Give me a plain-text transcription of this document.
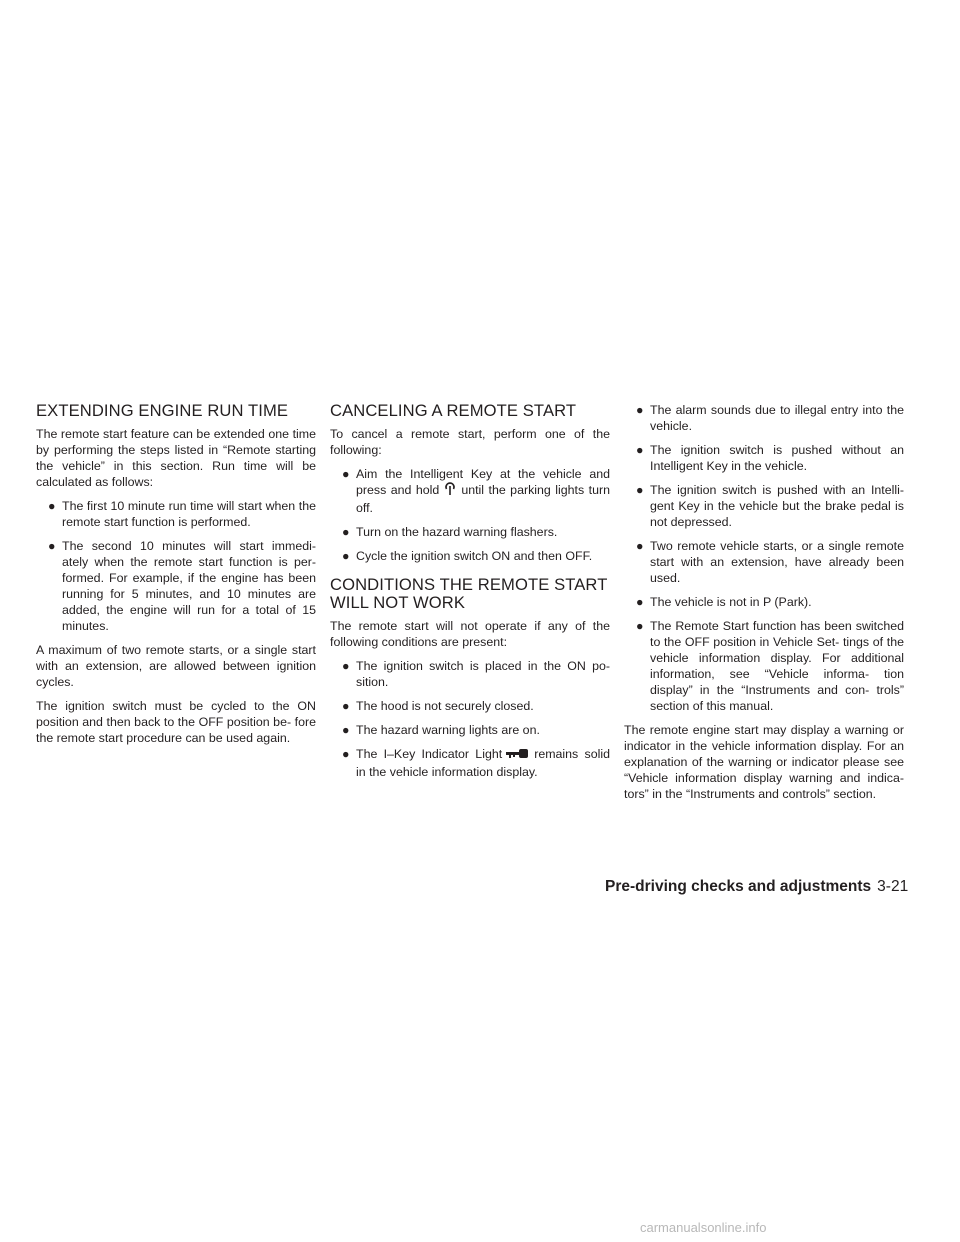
EXTENDING ENGINE RUN TIME

The remote start feature can be extended one time by performing the steps listed in “Remote starting the vehicle” in this section. Run time will be calculated as follows:

● The first 10 minute run time will start when the remote start function is performed.
● The second 10 minutes will start immedi- ately when the remote start function is per- formed. For example, if the engine has been running for 5 minutes, and 10 minutes are added, the engine will run for a total of 15 minutes.

A maximum of two remote starts, or a single start with an extension, are allowed between ignition cycles.

The ignition switch must be cycled to the ON position and then back to the OFF position be- fore the remote start procedure can be used again.

CANCELING A REMOTE START

To cancel a remote start, perform one of the following:

● Aim the Intelligent Key at the vehicle and press and hold until the parking lights turn off.
● Turn on the hazard warning flashers.
● Cycle the ignition switch ON and then OFF.
CONDITIONS THE REMOTE START WILL NOT WORK

The remote start will not operate if any of the following conditions are present:

● The ignition switch is placed in the ON po- sition.
● The hood is not securely closed.
● The hazard warning lights are on.
● The I–Key Indicator Light	remains solid in the vehicle information display.
● The alarm sounds due to illegal entry into the vehicle.
● The ignition switch is pushed without an Intelligent Key in the vehicle.
● The ignition switch is pushed with an Intelli- gent Key in the vehicle but the brake pedal is not depressed.
● Two remote vehicle starts, or a single remote start with an extension, have already been used.
● The vehicle is not in P (Park).
● The Remote Start function has been switched to the OFF position in Vehicle Set- tings of the vehicle information display. For additional information, see “Vehicle informa- tion display” in the “Instruments and con- trols” section of this manual.

The remote engine start may display a warning or indicator in the vehicle information display. For an explanation of the warning or indicator please see “Vehicle information display warning and indica- tors” in the “Instruments and controls” section.

Pre-driving checks and adjustments 3-21
carmanualsonline.info
